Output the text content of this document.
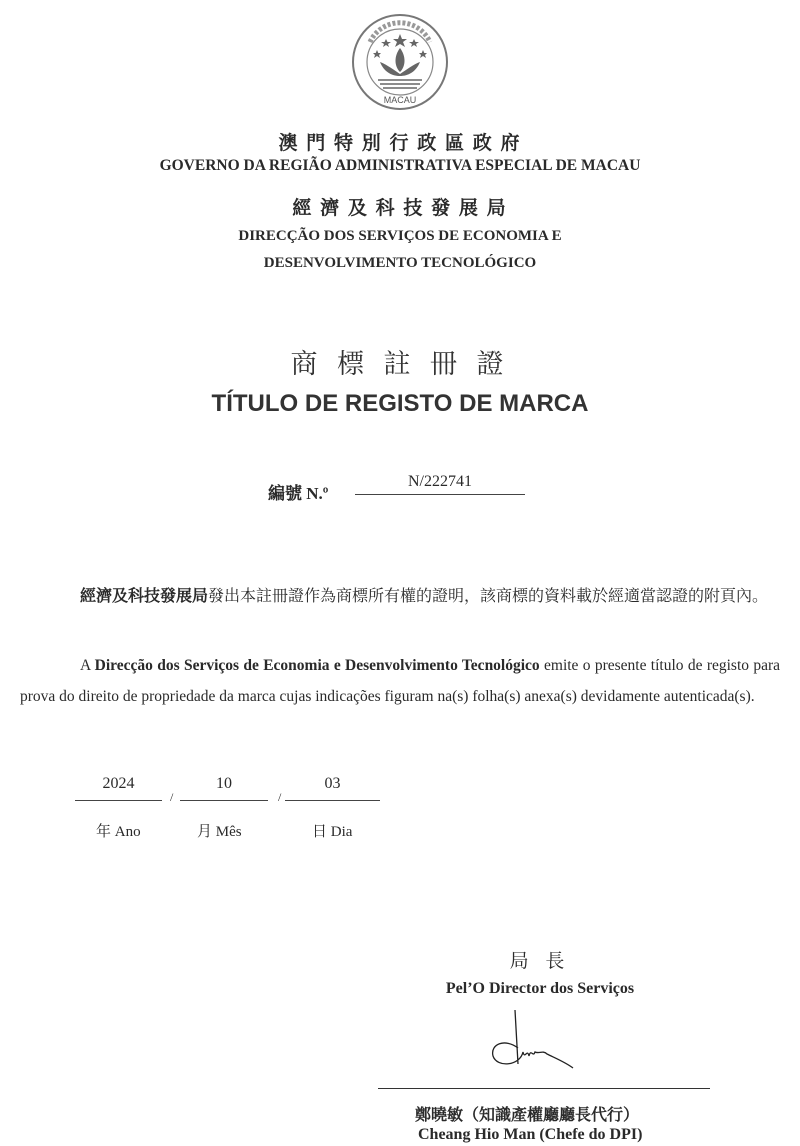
MACAU
澳 門 特 別 行 政 區 政 府
GOVERNO DA REGIÃO ADMINISTRATIVA ESPECIAL DE MACAU
經 濟 及 科 技 發 展 局
DIRECÇÃO DOS SERVIÇOS DE ECONOMIA E
DESENVOLVIMENTO TECNOLÓGICO
商 標 註 冊 證
TÍTULO DE REGISTO DE MARCA
編號 N.º
N/222741
經濟及科技發展局發出本註冊證作為商標所有權的證明，該商標的資料載於經適當認證的附頁內。
A Direcção dos Serviços de Economia e Desenvolvimento Tecnológico emite o presente título de registo para prova do direito de propriedade da marca cujas indicações figuram na(s) folha(s) anexa(s) devidamente autenticada(s).
2024
/
10
/
03
年 Ano	月 Mês	日 Dia
局 長
Pel’O Director dos Serviços
鄭曉敏（知識產權廳廳長代行）
Cheang Hio Man (Chefe do DPI)
